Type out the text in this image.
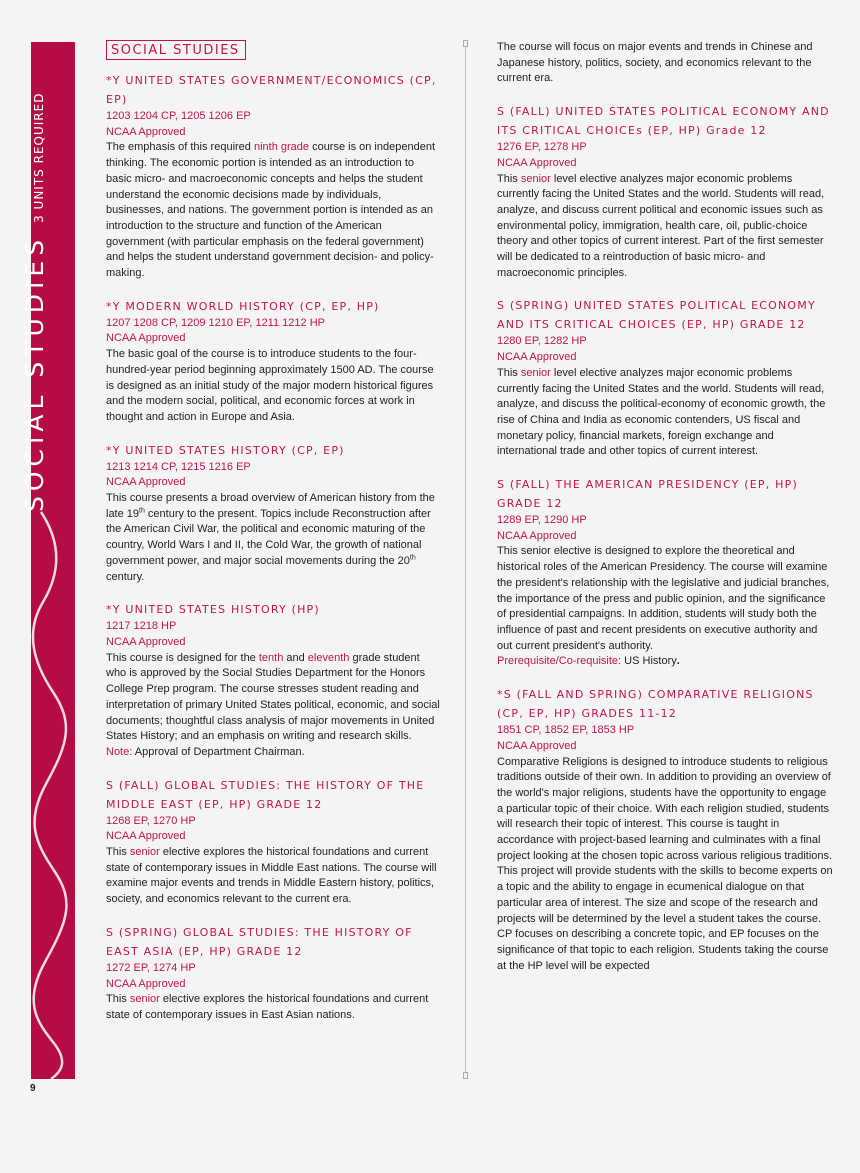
SOCIAL STUDIES3 UNITS REQUIRED
9
SOCIAL STUDIES
*Y UNITED STATES GOVERNMENT/ECONOMICS (CP, EP)
1203 1204 CP, 1205 1206 EP
NCAA Approved

The emphasis of this required ninth grade course is on independent thinking. The economic portion is intended as an introduction to basic micro- and macroeconomic concepts and helps the student understand the economic decisions made by individuals, businesses, and nations. The government portion is intended as an introduction to the structure and function of the American government (with particular emphasis on the federal government) and helps the student understand government decision- and policy-making.

*Y MODERN WORLD HISTORY (CP, EP, HP)
1207 1208 CP, 1209 1210 EP, 1211 1212 HP
NCAA Approved

The basic goal of the course is to introduce students to the four-hundred-year period beginning approximately 1500 AD. The course is designed as an initial study of the major modern historical figures and the modern social, political, and economic forces at work in thought and action in Europe and Asia.

*Y UNITED STATES HISTORY (CP, EP)
1213 1214 CP, 1215 1216 EP
NCAA Approved

This course presents a broad overview of American history from the late 19th century to the present. Topics include Reconstruction after the American Civil War, the political and economic maturing of the country, World Wars I and II, the Cold War, the growth of national government power, and major social movements during the 20th century.

*Y UNITED STATES HISTORY (HP)
1217 1218 HP
NCAA Approved

This course is designed for the tenth and eleventh grade student who is approved by the Social Studies Department for the Honors College Prep program. The course stresses student reading and interpretation of primary United States political, economic, and social documents; thoughtful class analysis of major movements in United States History; and an emphasis on writing and research skills.
Note: Approval of Department Chairman.

S (FALL) GLOBAL STUDIES: THE HISTORY OF THE MIDDLE EAST (EP, HP) GRADE 12
1268 EP, 1270 HP
NCAA Approved

This senior elective explores the historical foundations and current state of contemporary issues in Middle East nations. The course will examine major events and trends in Middle Eastern history, politics, society, and economics relevant to the current era.

S (SPRING) GLOBAL STUDIES: THE HISTORY OF EAST ASIA (EP, HP) GRADE 12
1272 EP, 1274 HP
NCAA Approved

This senior elective explores the historical foundations and current state of contemporary issues in East Asian nations.

The course will focus on major events and trends in Chinese and Japanese history, politics, society, and economics relevant to the current era.

S (FALL) UNITED STATES POLITICAL ECONOMY AND ITS CRITICAL CHOICEs (EP, HP) Grade 12
1276 EP, 1278 HP
NCAA Approved

This senior level elective analyzes major economic problems currently facing the United States and the world. Students will read, analyze, and discuss current political and economic issues such as environmental policy, immigration, health care, oil, public-choice theory and other topics of current interest. Part of the first semester will be dedicated to a reintroduction of basic micro- and macroeconomic principles.

S (SPRING) UNITED STATES POLITICAL ECONOMY AND ITS CRITICAL CHOICES (EP, HP) GRADE 12
1280 EP, 1282 HP
NCAA Approved

This senior level elective analyzes major economic problems currently facing the United States and the world. Students will read, analyze, and discuss the political-economy of economic growth, the rise of China and India as economic contenders, US fiscal and monetary policy, financial markets, foreign exchange and international trade and other topics of current interest.

S (FALL) THE AMERICAN PRESIDENCY (EP, HP) GRADE 12
1289 EP, 1290 HP
NCAA Approved

This senior elective is designed to explore the theoretical and historical roles of the American Presidency. The course will examine the president's relationship with the legislative and judicial branches, the importance of the press and public opinion, and the significance of presidential campaigns. In addition, students will study both the influence of past and recent presidents on executive authority and out current president's authority.
Prerequisite/Co-requisite: US History.

*S (FALL AND SPRING) COMPARATIVE RELIGIONS (CP, EP, HP) GRADES 11-12
1851 CP, 1852 EP, 1853 HP
NCAA Approved

Comparative Religions is designed to introduce students to religious traditions outside of their own. In addition to providing an overview of the world's major religions, students have the opportunity to engage a particular topic of their choice. With each religion studied, students will research their topic of interest. This course is taught in accordance with project-based learning and culminates with a final project looking at the chosen topic across various religious traditions. This project will provide students with the skills to become experts on a topic and the ability to engage in ecumenical dialogue on that particular area of interest. The size and scope of the research and projects will be determined by the level a student takes the course. CP focuses on describing a concrete topic, and EP focuses on the significance of that topic to each religion. Students taking the course at the HP level will be expected
